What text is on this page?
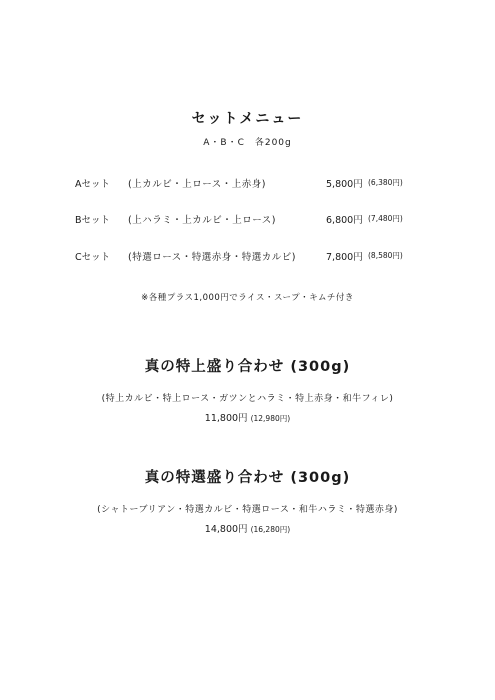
セットメニュー
A・B・C　各200g
Aセット (上カルビ・上ロース・上赤身)	5,800円 (6,380円)
Bセット (上ハラミ・上カルビ・上ロース)	6,800円 (7,480円)
Cセット (特選ロース・特選赤身・特選カルビ)	7,800円 (8,580円)
※各種プラス1,000円でライス・スープ・キムチ付き
真の特上盛り合わせ (300g)
(特上カルビ・特上ロース・ガツンとハラミ・特上赤身・和牛フィレ)
11,800円 (12,980円)
真の特選盛り合わせ (300g)
(シャトーブリアン・特選カルビ・特選ロース・和牛ハラミ・特選赤身)
14,800円 (16,280円)
